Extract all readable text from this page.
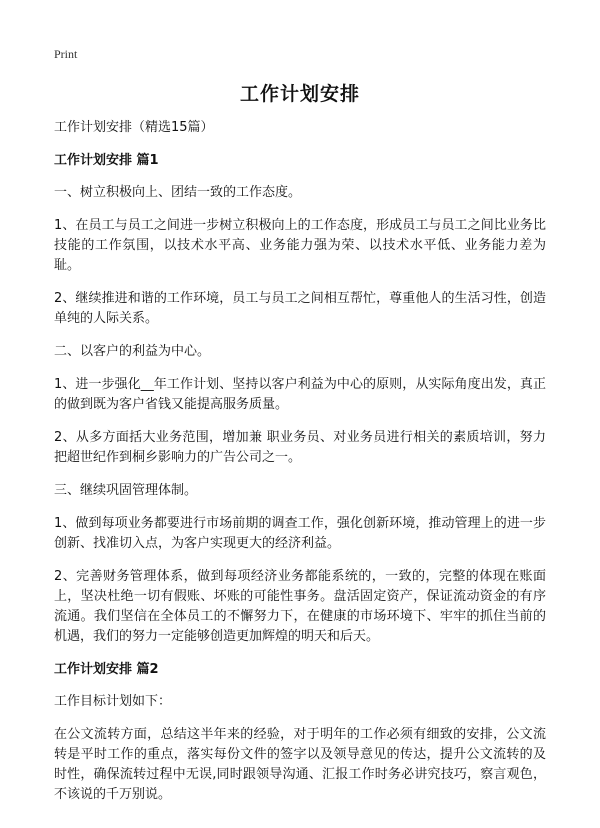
Print
工作计划安排

工作计划安排（精选15篇）

工作计划安排 篇1

一、树立积极向上、团结一致的工作态度。

1、在员工与员工之间进一步树立积极向上的工作态度，形成员工与员工之间比业务比技能的工作氛围，以技术水平高、业务能力强为荣、以技术水平低、业务能力差为耻。

2、继续推进和谐的工作环境，员工与员工之间相互帮忙，尊重他人的生活习性，创造单纯的人际关系。

二、以客户的利益为中心。

1、进一步强化__年工作计划、坚持以客户利益为中心的原则，从实际角度出发，真正的做到既为客户省钱又能提高服务质量。

2、从多方面括大业务范围，增加兼 职业务员、对业务员进行相关的素质培训，努力把超世纪作到桐乡影响力的广告公司之一。

三、继续巩固管理体制。

1、做到每项业务都要进行市场前期的调查工作，强化创新环境，推动管理上的进一步创新、找准切入点，为客户实现更大的经济利益。

2、完善财务管理体系，做到每项经济业务都能系统的，一致的，完整的体现在账面上，坚决杜绝一切有假账、坏账的可能性事务。盘活固定资产，保证流动资金的有序流通。我们坚信在全体员工的不懈努力下，在健康的市场环境下、牢牢的抓住当前的机遇，我们的努力一定能够创造更加辉煌的明天和后天。

工作计划安排 篇2

工作目标计划如下：

在公文流转方面，总结这半年来的经验，对于明年的工作必须有细致的安排，公文流转是平时工作的重点，落实每份文件的签字以及领导意见的传达，提升公文流转的及时性，确保流转过程中无误,同时跟领导沟通、汇报工作时务必讲究技巧，察言观色，不该说的千万别说。
